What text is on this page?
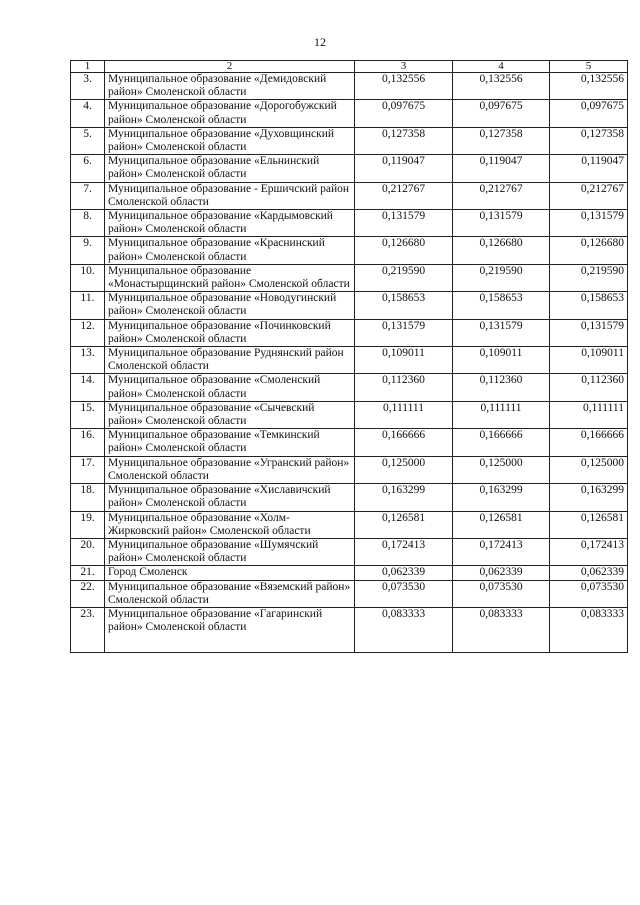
12
1	2	3	4	5
3.	Муниципальное образование «Демидовский район» Смоленской области	0,132556	0,132556	0,132556
4.	Муниципальное образование «Дорогобужский район» Смоленской области	0,097675	0,097675	0,097675
5.	Муниципальное образование «Духовщинский район» Смоленской области	0,127358	0,127358	0,127358
6.	Муниципальное образование «Ельнинский район» Смоленской области	0,119047	0,119047	0,119047
7.	Муниципальное образование - Ершичский район Смоленской области	0,212767	0,212767	0,212767
8.	Муниципальное образование «Кардымовский район» Смоленской области	0,131579	0,131579	0,131579
9.	Муниципальное образование «Краснинский район» Смоленской области	0,126680	0,126680	0,126680
10.	Муниципальное образование «Монастырщинский район» Смоленской области	0,219590	0,219590	0,219590
11.	Муниципальное образование «Новодугинский район» Смоленской области	0,158653	0,158653	0,158653
12.	Муниципальное образование «Починковский район» Смоленской области	0,131579	0,131579	0,131579
13.	Муниципальное образование Руднянский район Смоленской области	0,109011	0,109011	0,109011
14.	Муниципальное образование «Смоленский район» Смоленской области	0,112360	0,112360	0,112360
15.	Муниципальное образование «Сычевский район» Смоленской области	0,111111	0,111111	0,111111
16.	Муниципальное образование «Темкинский район» Смоленской области	0,166666	0,166666	0,166666
17.	Муниципальное образование «Угранский район» Смоленской области	0,125000	0,125000	0,125000
18.	Муниципальное образование «Хиславичский район» Смоленской области	0,163299	0,163299	0,163299
19.	Муниципальное образование «Холм-Жирковский район» Смоленской области	0,126581	0,126581	0,126581
20.	Муниципальное образование «Шумячский район» Смоленской области	0,172413	0,172413	0,172413
21.	Город Смоленск	0,062339	0,062339	0,062339
22.	Муниципальное образование «Вяземский район» Смоленской области	0,073530	0,073530	0,073530
23.	Муниципальное образование «Гагаринский район» Смоленской области	0,083333	0,083333	0,083333
